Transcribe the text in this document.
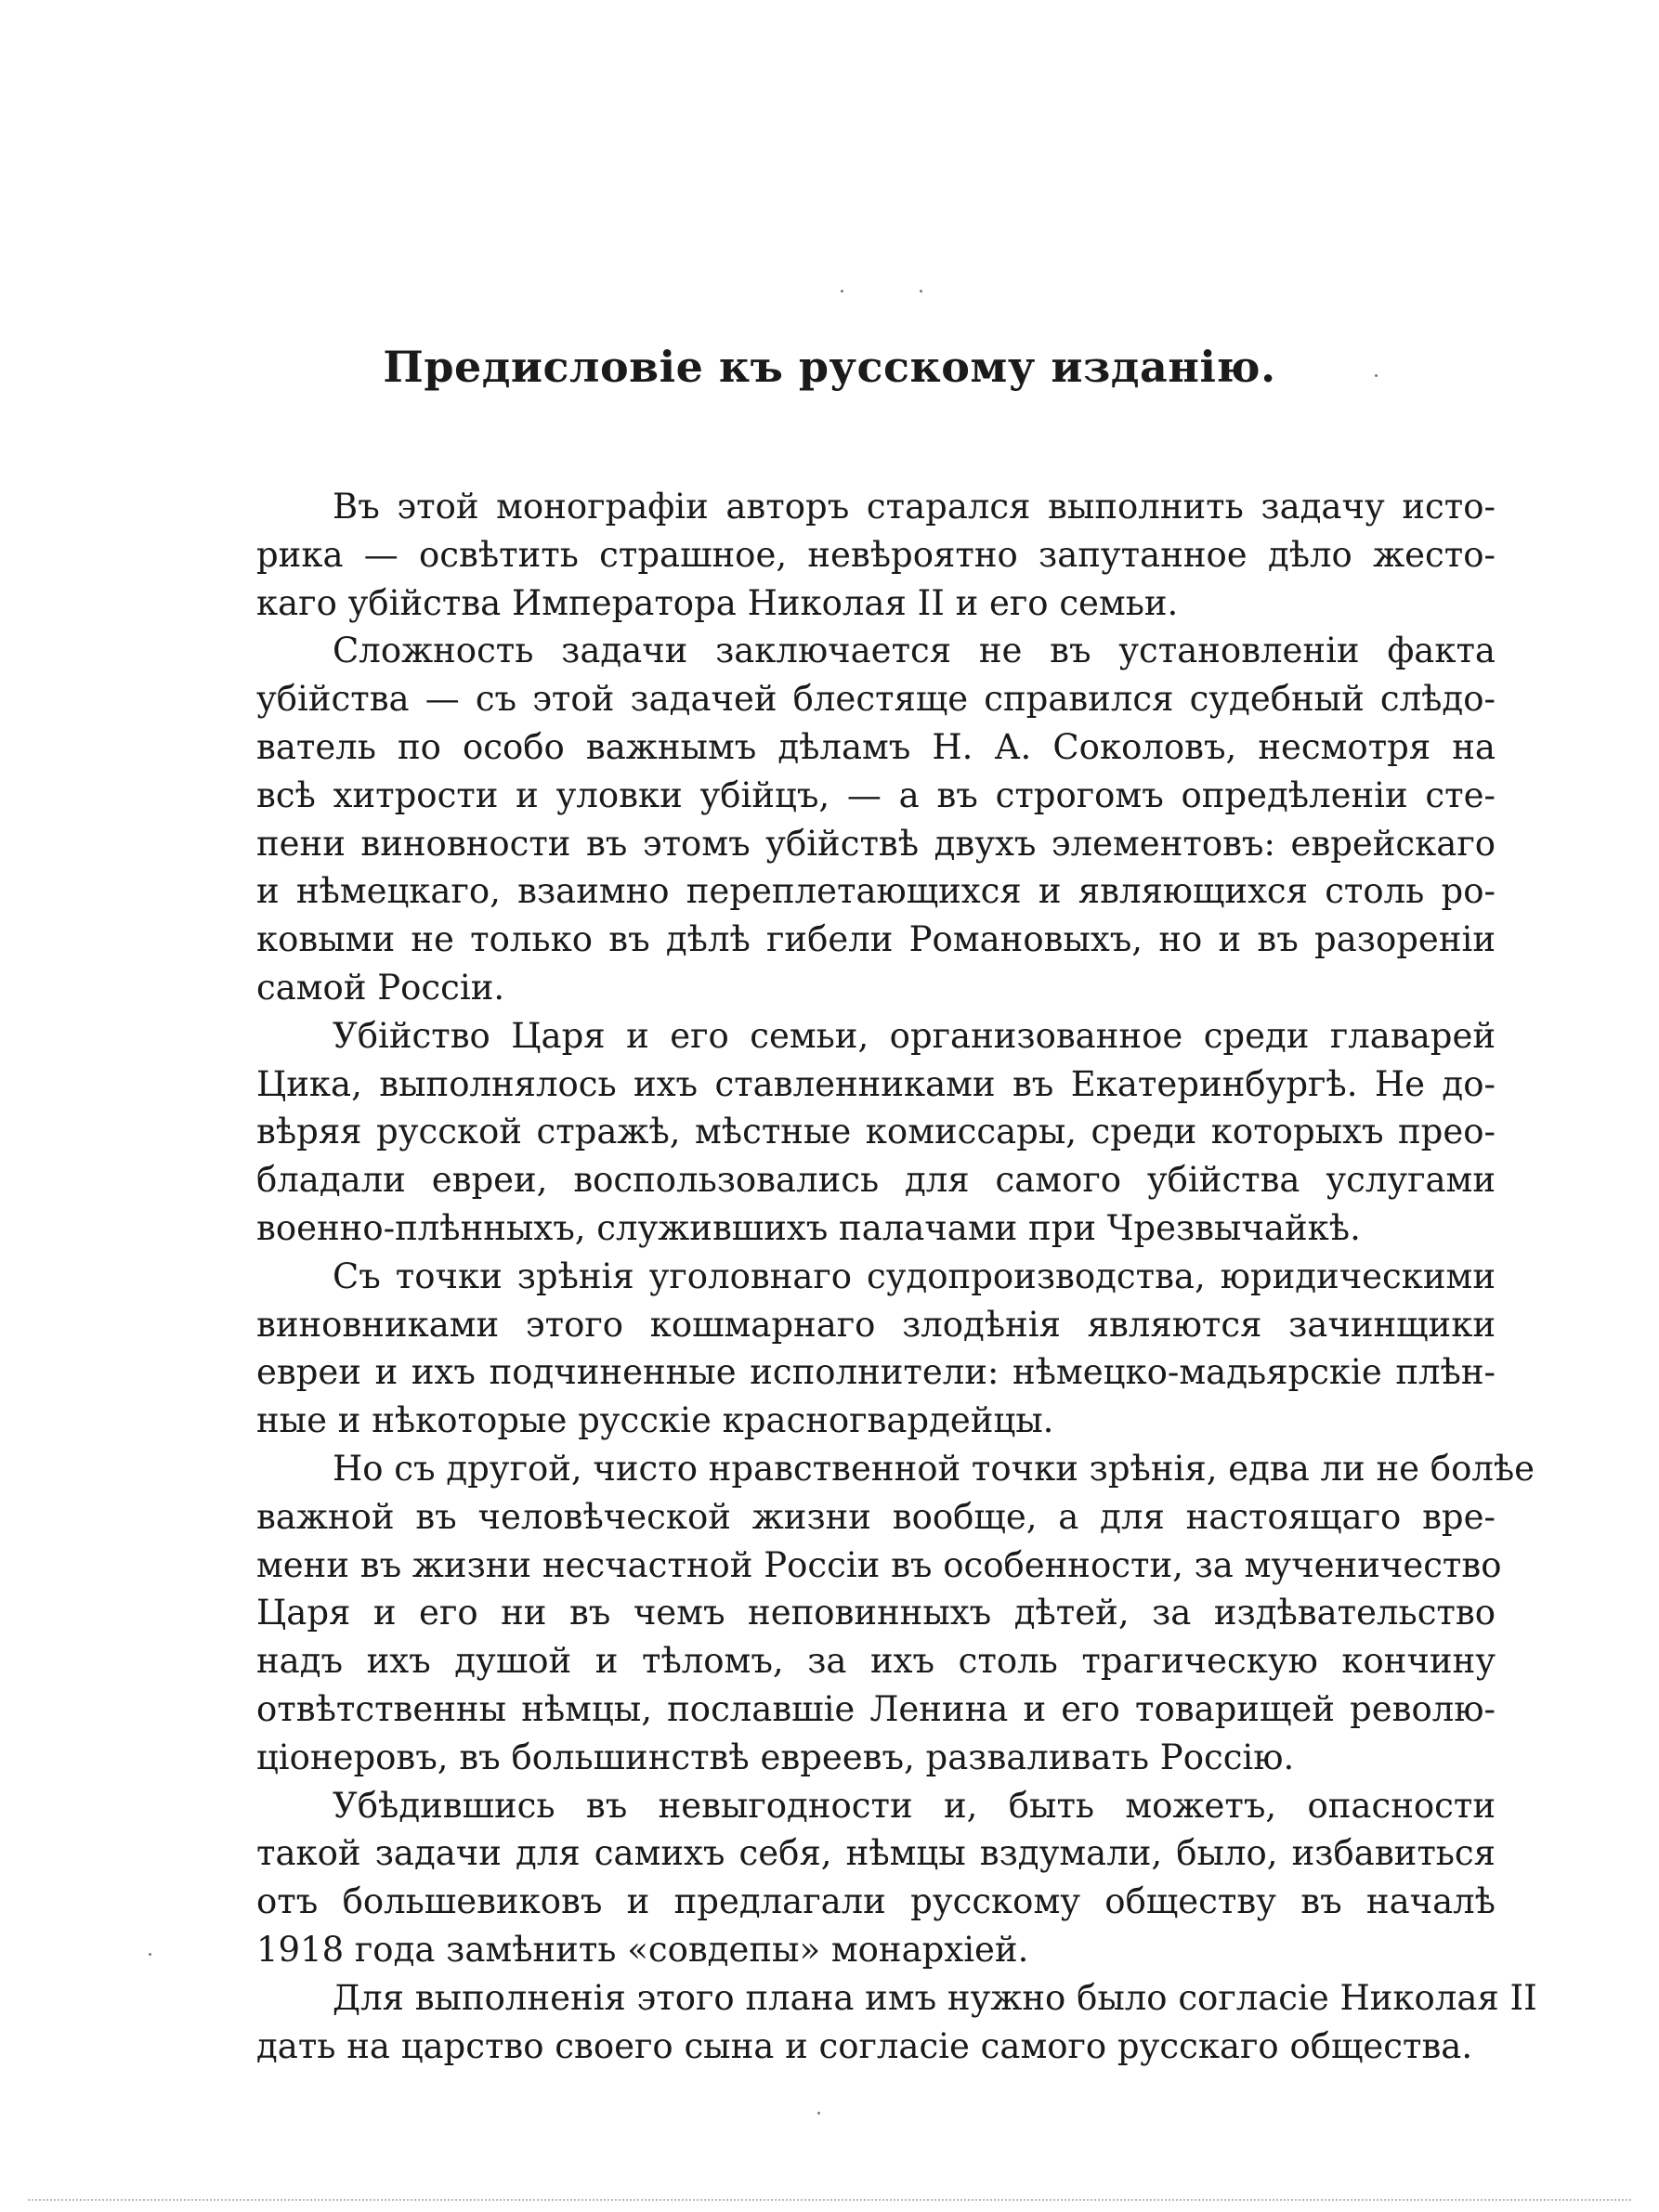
Предисловіе къ русскому изданію.

Въ этой монографіи авторъ старался выполнить задачу исто-
рика — освѣтить страшное, невѣроятно запутанное дѣло жесто-
каго убійства Императора Николая II и его семьи.

Сложность задачи заключается не въ установленіи факта
убійства — съ этой задачей блестяще справился судебный слѣдо-
ватель по особо важнымъ дѣламъ Н. А. Соколовъ, несмотря на
всѣ хитрости и уловки убійцъ, — а въ строгомъ опредѣленіи сте-
пени виновности въ этомъ убійствѣ двухъ элементовъ: еврейскаго
и нѣмецкаго, взаимно переплетающихся и являющихся столь ро-
ковыми не только въ дѣлѣ гибели Романовыхъ, но и въ разореніи
самой Россіи.

Убійство Царя и его семьи, организованное среди главарей
Цика, выполнялось ихъ ставленниками въ Екатеринбургѣ. Не до-
вѣряя русской стражѣ, мѣстные комиссары, среди которыхъ прео-
бладали евреи, воспользовались для самого убійства услугами
военно-плѣнныхъ, служившихъ палачами при Чрезвычайкѣ.

Съ точки зрѣнія уголовнаго судопроизводства, юридическими
виновниками этого кошмарнаго злодѣнія являются зачинщики
евреи и ихъ подчиненные исполнители: нѣмецко-мадьярскіе плѣн-
ные и нѣкоторые русскіе красногвардейцы.

Но съ другой, чисто нравственной точки зрѣнія, едва ли не болѣе
важной въ человѣческой жизни вообще, а для настоящаго вре-
мени въ жизни несчастной Россіи въ особенности, за мученичество
Царя и его ни въ чемъ неповинныхъ дѣтей, за издѣвательство
надъ ихъ душой и тѣломъ, за ихъ столь трагическую кончину
отвѣтственны нѣмцы, пославшіе Ленина и его товарищей револю-
ціонеровъ, въ большинствѣ евреевъ, разваливать Россію.

Убѣдившись въ невыгодности и, быть можетъ, опасности
такой задачи для самихъ себя, нѣмцы вздумали, было, избавиться
отъ большевиковъ и предлагали русскому обществу въ началѣ
1918 года замѣнить «совдепы» монархіей.

Для выполненія этого плана имъ нужно было согласіе Николая II
дать на царство своего сына и согласіе самого русскаго общества.
